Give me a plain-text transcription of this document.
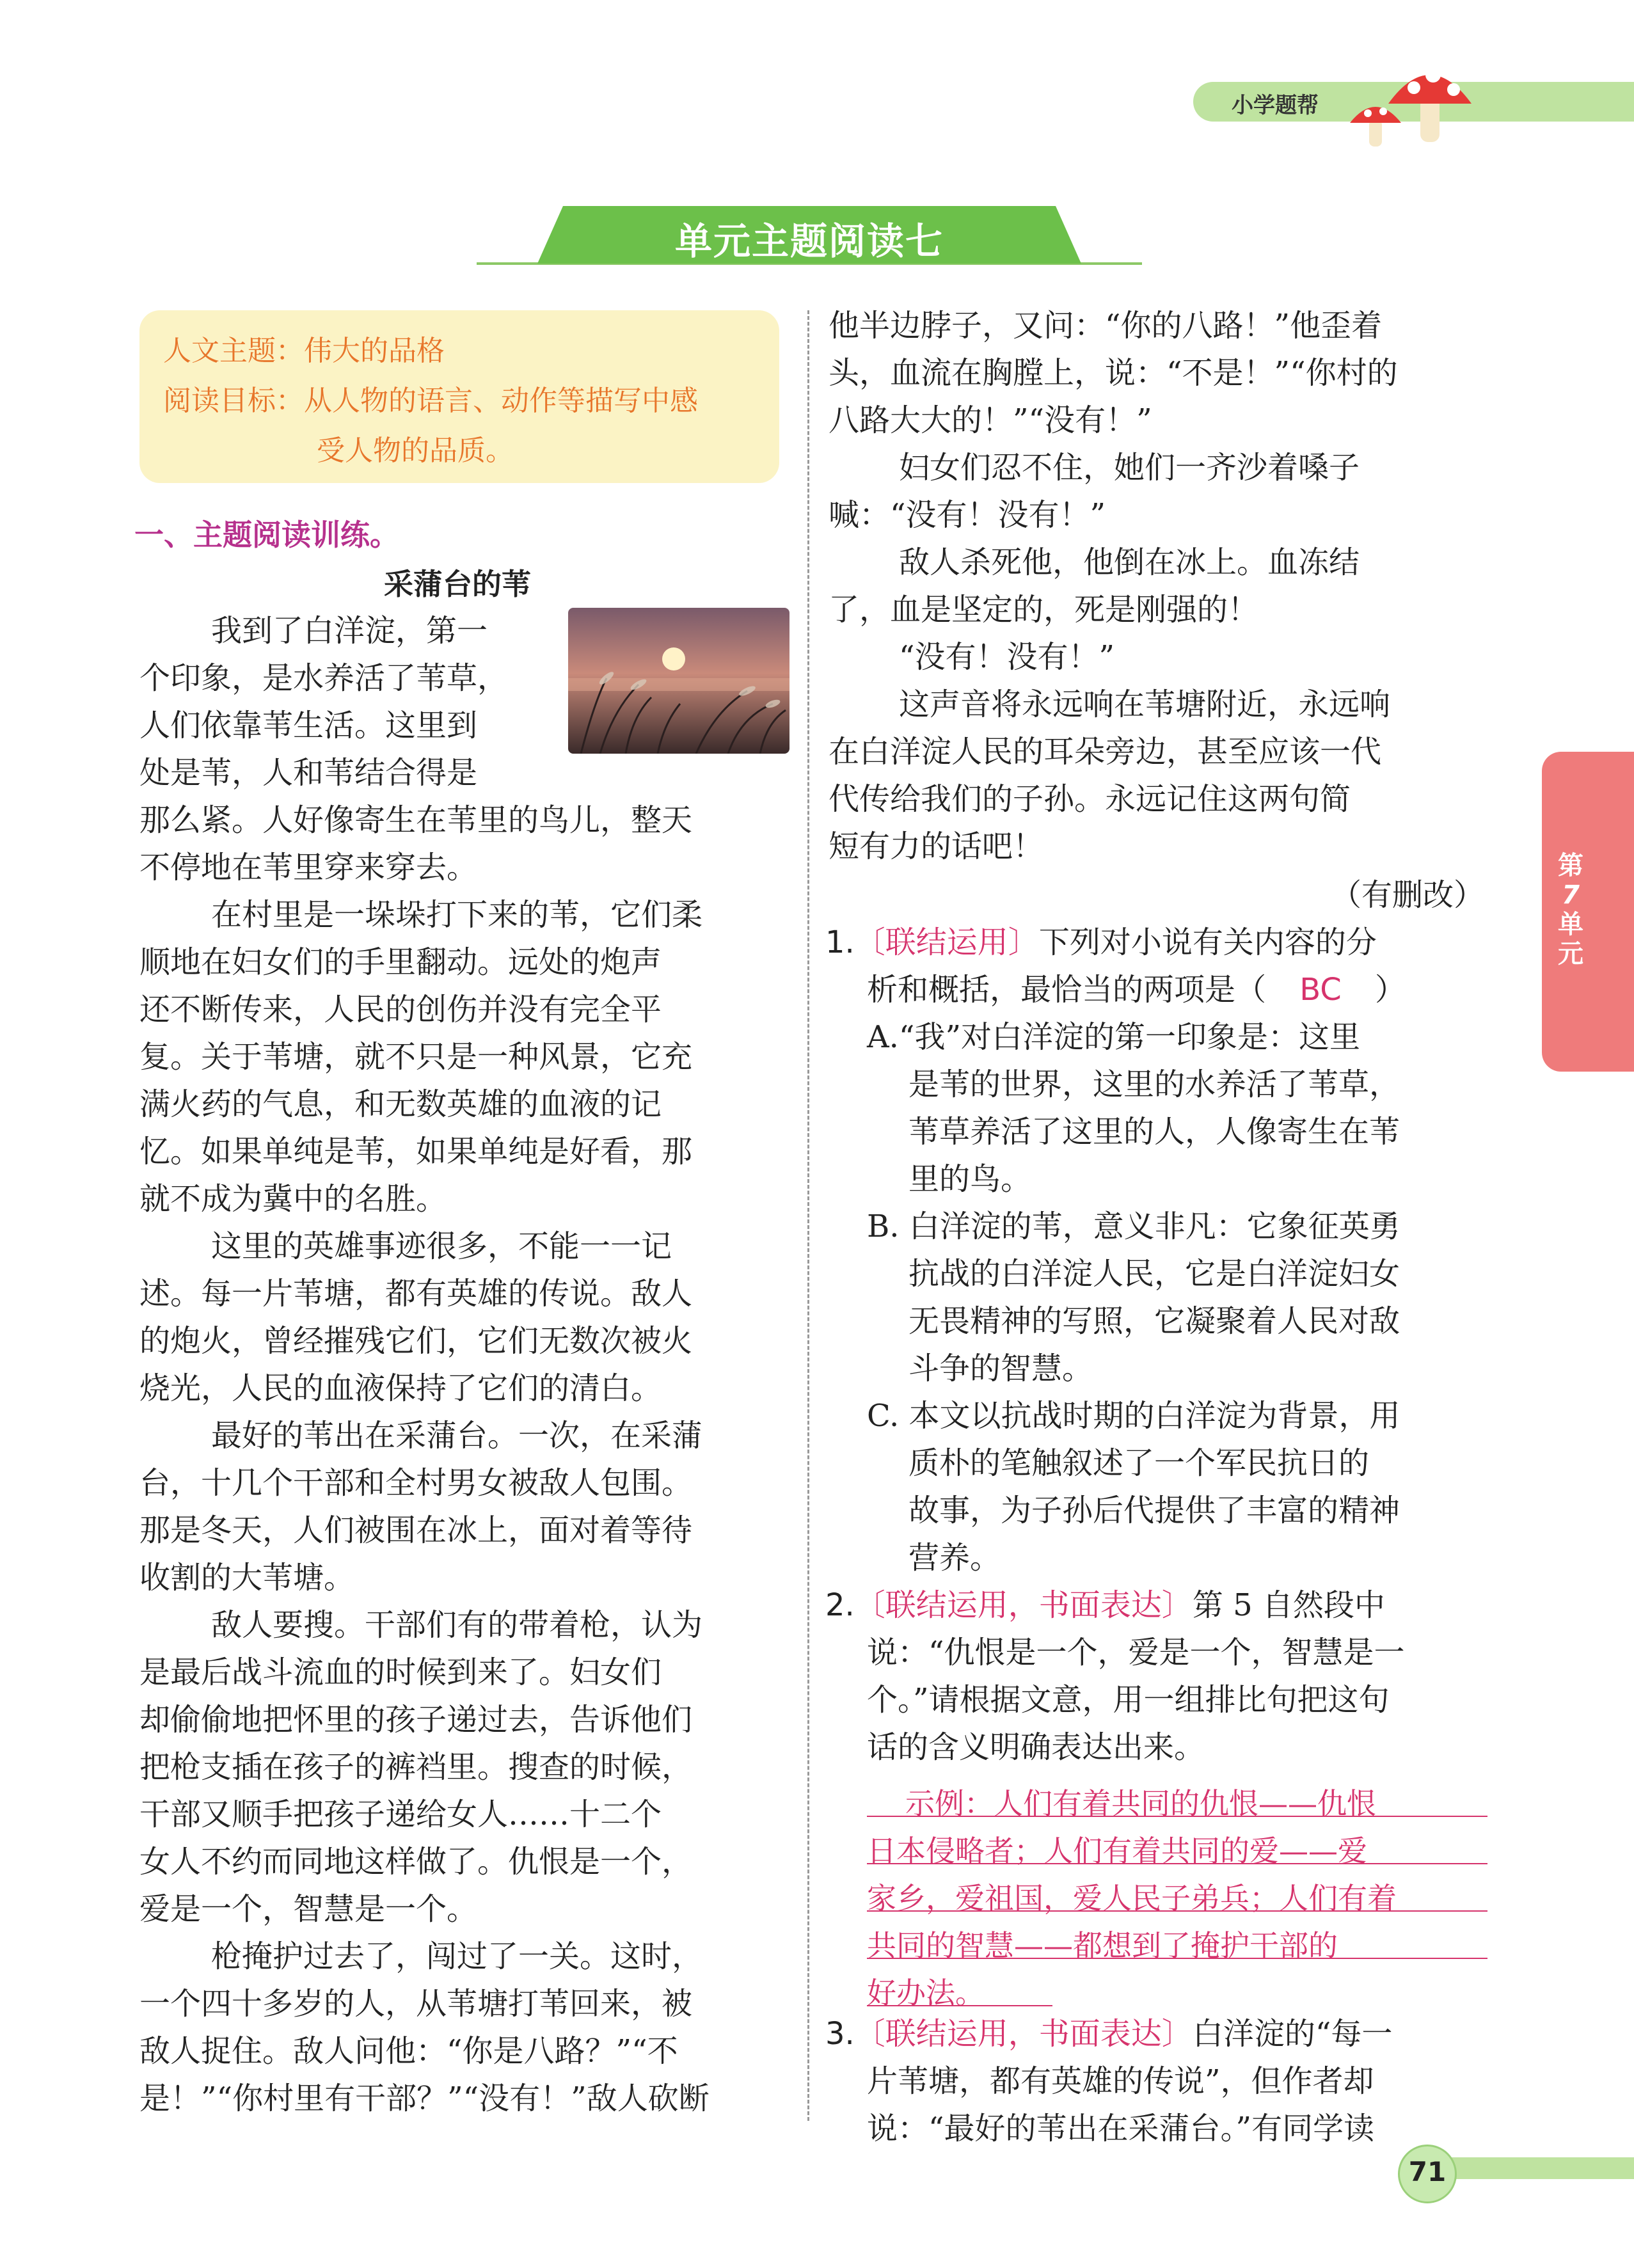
小学题帮
单元主题阅读七
人文主题：伟大的品格
阅读目标：从人物的语言、动作等描写中感
受人物的品质。
一、主题阅读训练。
采蒲台的苇
我到了白洋淀，第一
个印象，是水养活了苇草，
人们依靠苇生活。这里到
处是苇，人和苇结合得是
那么紧。人好像寄生在苇里的鸟儿，整天
不停地在苇里穿来穿去。
在村里是一垛垛打下来的苇，它们柔
顺地在妇女们的手里翻动。远处的炮声
还不断传来，人民的创伤并没有完全平
复。关于苇塘，就不只是一种风景，它充
满火药的气息，和无数英雄的血液的记
忆。如果单纯是苇，如果单纯是好看，那
就不成为冀中的名胜。
这里的英雄事迹很多，不能一一记
述。每一片苇塘，都有英雄的传说。敌人
的炮火，曾经摧残它们，它们无数次被火
烧光，人民的血液保持了它们的清白。
最好的苇出在采蒲台。一次，在采蒲
台，十几个干部和全村男女被敌人包围。
那是冬天，人们被围在冰上，面对着等待
收割的大苇塘。
敌人要搜。干部们有的带着枪，认为
是最后战斗流血的时候到来了。妇女们
却偷偷地把怀里的孩子递过去，告诉他们
把枪支插在孩子的裤裆里。搜查的时候，
干部又顺手把孩子递给女人……十二个
女人不约而同地这样做了。仇恨是一个，
爱是一个，智慧是一个。
枪掩护过去了，闯过了一关。这时，
一个四十多岁的人，从苇塘打苇回来，被
敌人捉住。敌人问他：“你是八路？”“不
是！”“你村里有干部？”“没有！”敌人砍断
他半边脖子，又问：“你的八路！”他歪着
头，血流在胸膛上，说：“不是！”“你村的
八路大大的！”“没有！”
妇女们忍不住，她们一齐沙着嗓子
喊：“没有！没有！”
敌人杀死他，他倒在冰上。血冻结
了，血是坚定的，死是刚强的！
“没有！没有！”
这声音将永远响在苇塘附近，永远响
在白洋淀人民的耳朵旁边，甚至应该一代
代传给我们的子孙。永远记住这两句简
短有力的话吧！
（有删改）
1.〔联结运用〕下列对小说有关内容的分
析和概括，最恰当的两项是（ BC ）
A.“我”对白洋淀的第一印象是：这里
是苇的世界，这里的水养活了苇草，
苇草养活了这里的人，人像寄生在苇
里的鸟。
B. 白洋淀的苇，意义非凡：它象征英勇
抗战的白洋淀人民，它是白洋淀妇女
无畏精神的写照，它凝聚着人民对敌
斗争的智慧。
C. 本文以抗战时期的白洋淀为背景，用
质朴的笔触叙述了一个军民抗日的
故事，为子孙后代提供了丰富的精神
营养。
2.〔联结运用，书面表达〕第 5 自然段中
说：“仇恨是一个，爱是一个，智慧是一
个。”请根据文意，用一组排比句把这句
话的含义明确表达出来。
示例：人们有着共同的仇恨——仇恨
日本侵略者；人们有着共同的爱——爱
家乡，爱祖国，爱人民子弟兵；人们有着
共同的智慧——都想到了掩护干部的
好办法。
3.〔联结运用，书面表达〕白洋淀的“每一
片苇塘，都有英雄的传说”，但作者却
说：“最好的苇出在采蒲台。”有同学读
第
7
单
元
71
